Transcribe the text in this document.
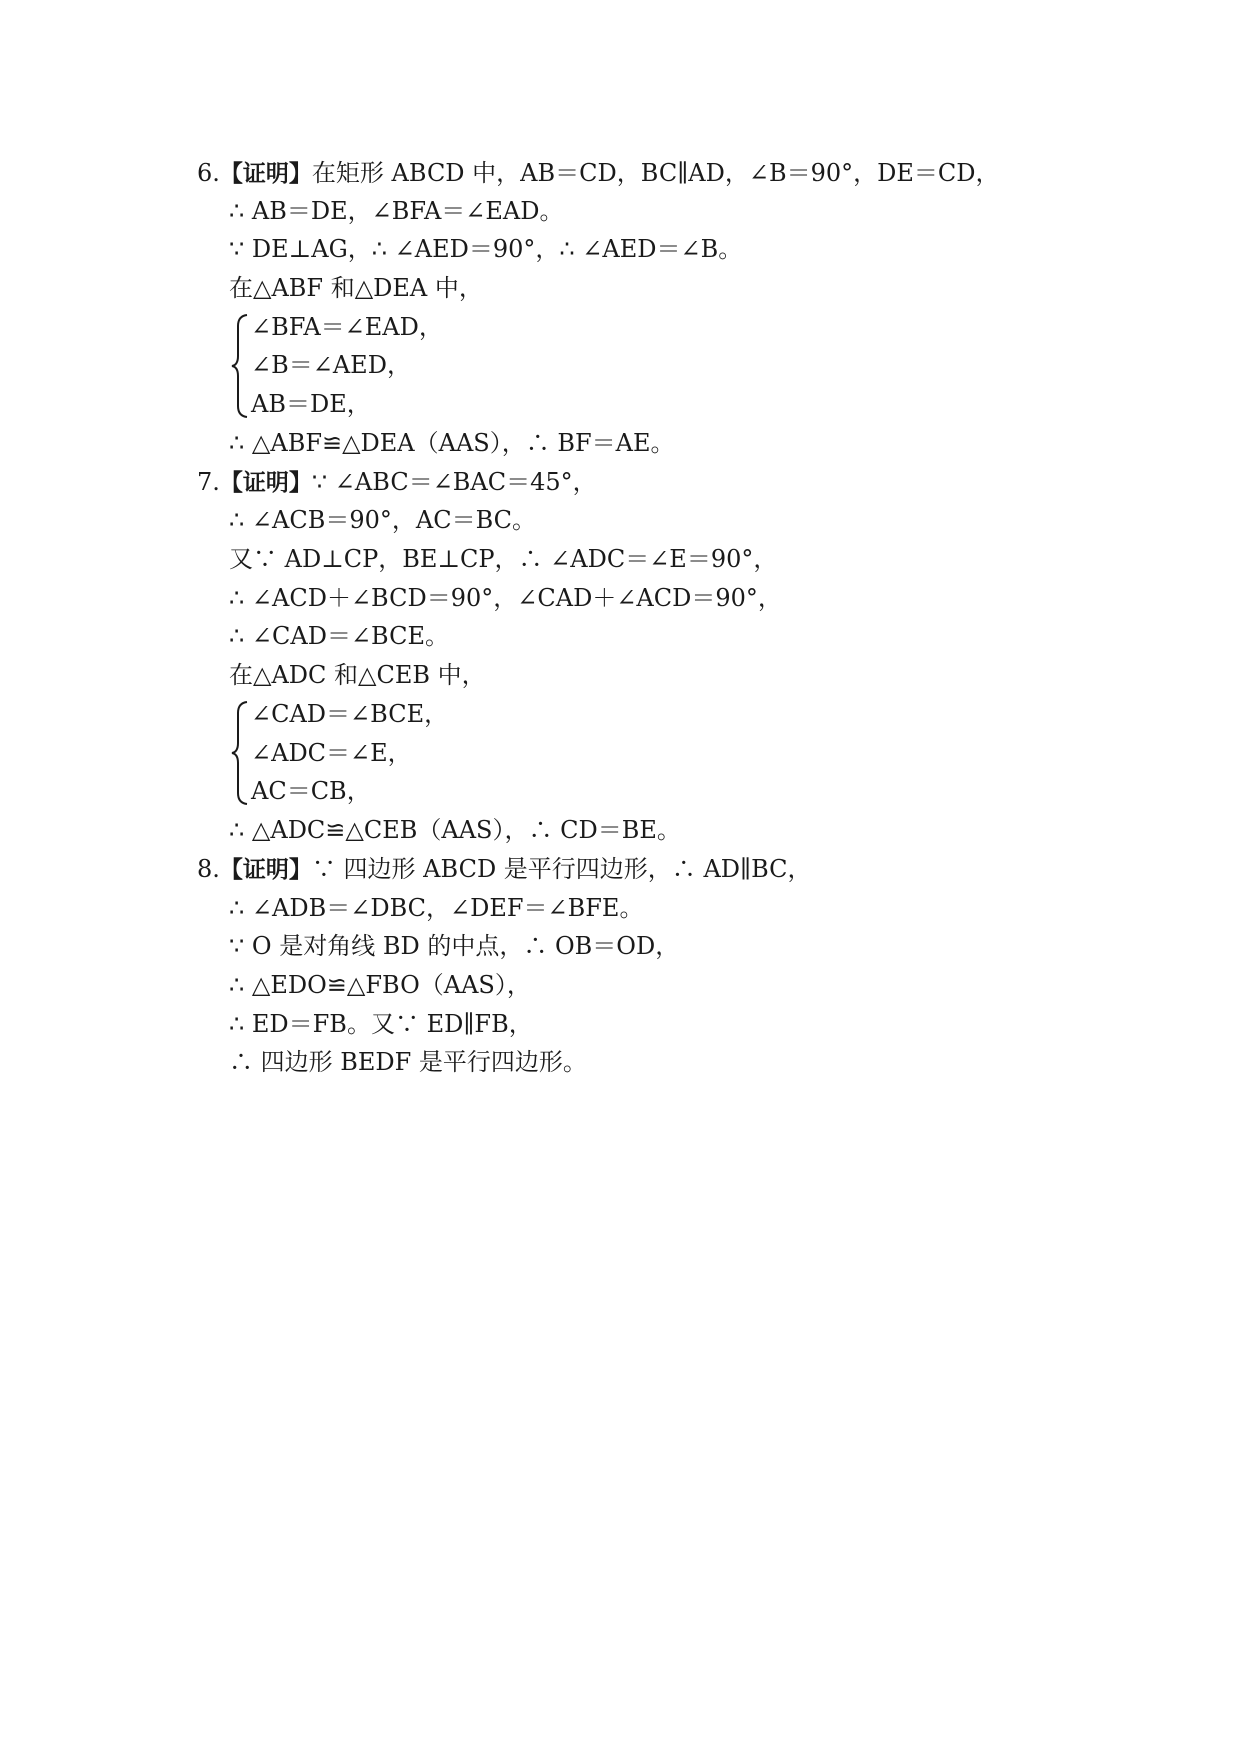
6.【证明】在矩形 ABCD 中，AB＝CD，BC∥AD，∠B＝90°，DE＝CD，
∴ AB＝DE，∠BFA＝∠EAD。
∵ DE⊥AG，∴ ∠AED＝90°，∴ ∠AED＝∠B。
在△ABF 和△DEA 中，
∠BFA＝∠EAD，
∠B＝∠AED，
AB＝DE，
∴ △ABF≌△DEA（AAS），∴ BF＝AE。
7.【证明】∵ ∠ABC＝∠BAC＝45°，
∴ ∠ACB＝90°，AC＝BC。
又∵ AD⊥CP，BE⊥CP，∴ ∠ADC＝∠E＝90°，
∴ ∠ACD＋∠BCD＝90°，∠CAD＋∠ACD＝90°，
∴ ∠CAD＝∠BCE。
在△ADC 和△CEB 中，
∠CAD＝∠BCE，
∠ADC＝∠E，
AC＝CB，
∴ △ADC≌△CEB（AAS），∴ CD＝BE。
8.【证明】∵ 四边形 ABCD 是平行四边形，∴ AD∥BC，
∴ ∠ADB＝∠DBC，∠DEF＝∠BFE。
∵ O 是对角线 BD 的中点，∴ OB＝OD，
∴ △EDO≌△FBO（AAS），
∴ ED＝FB。又∵ ED∥FB，
∴ 四边形 BEDF 是平行四边形。
